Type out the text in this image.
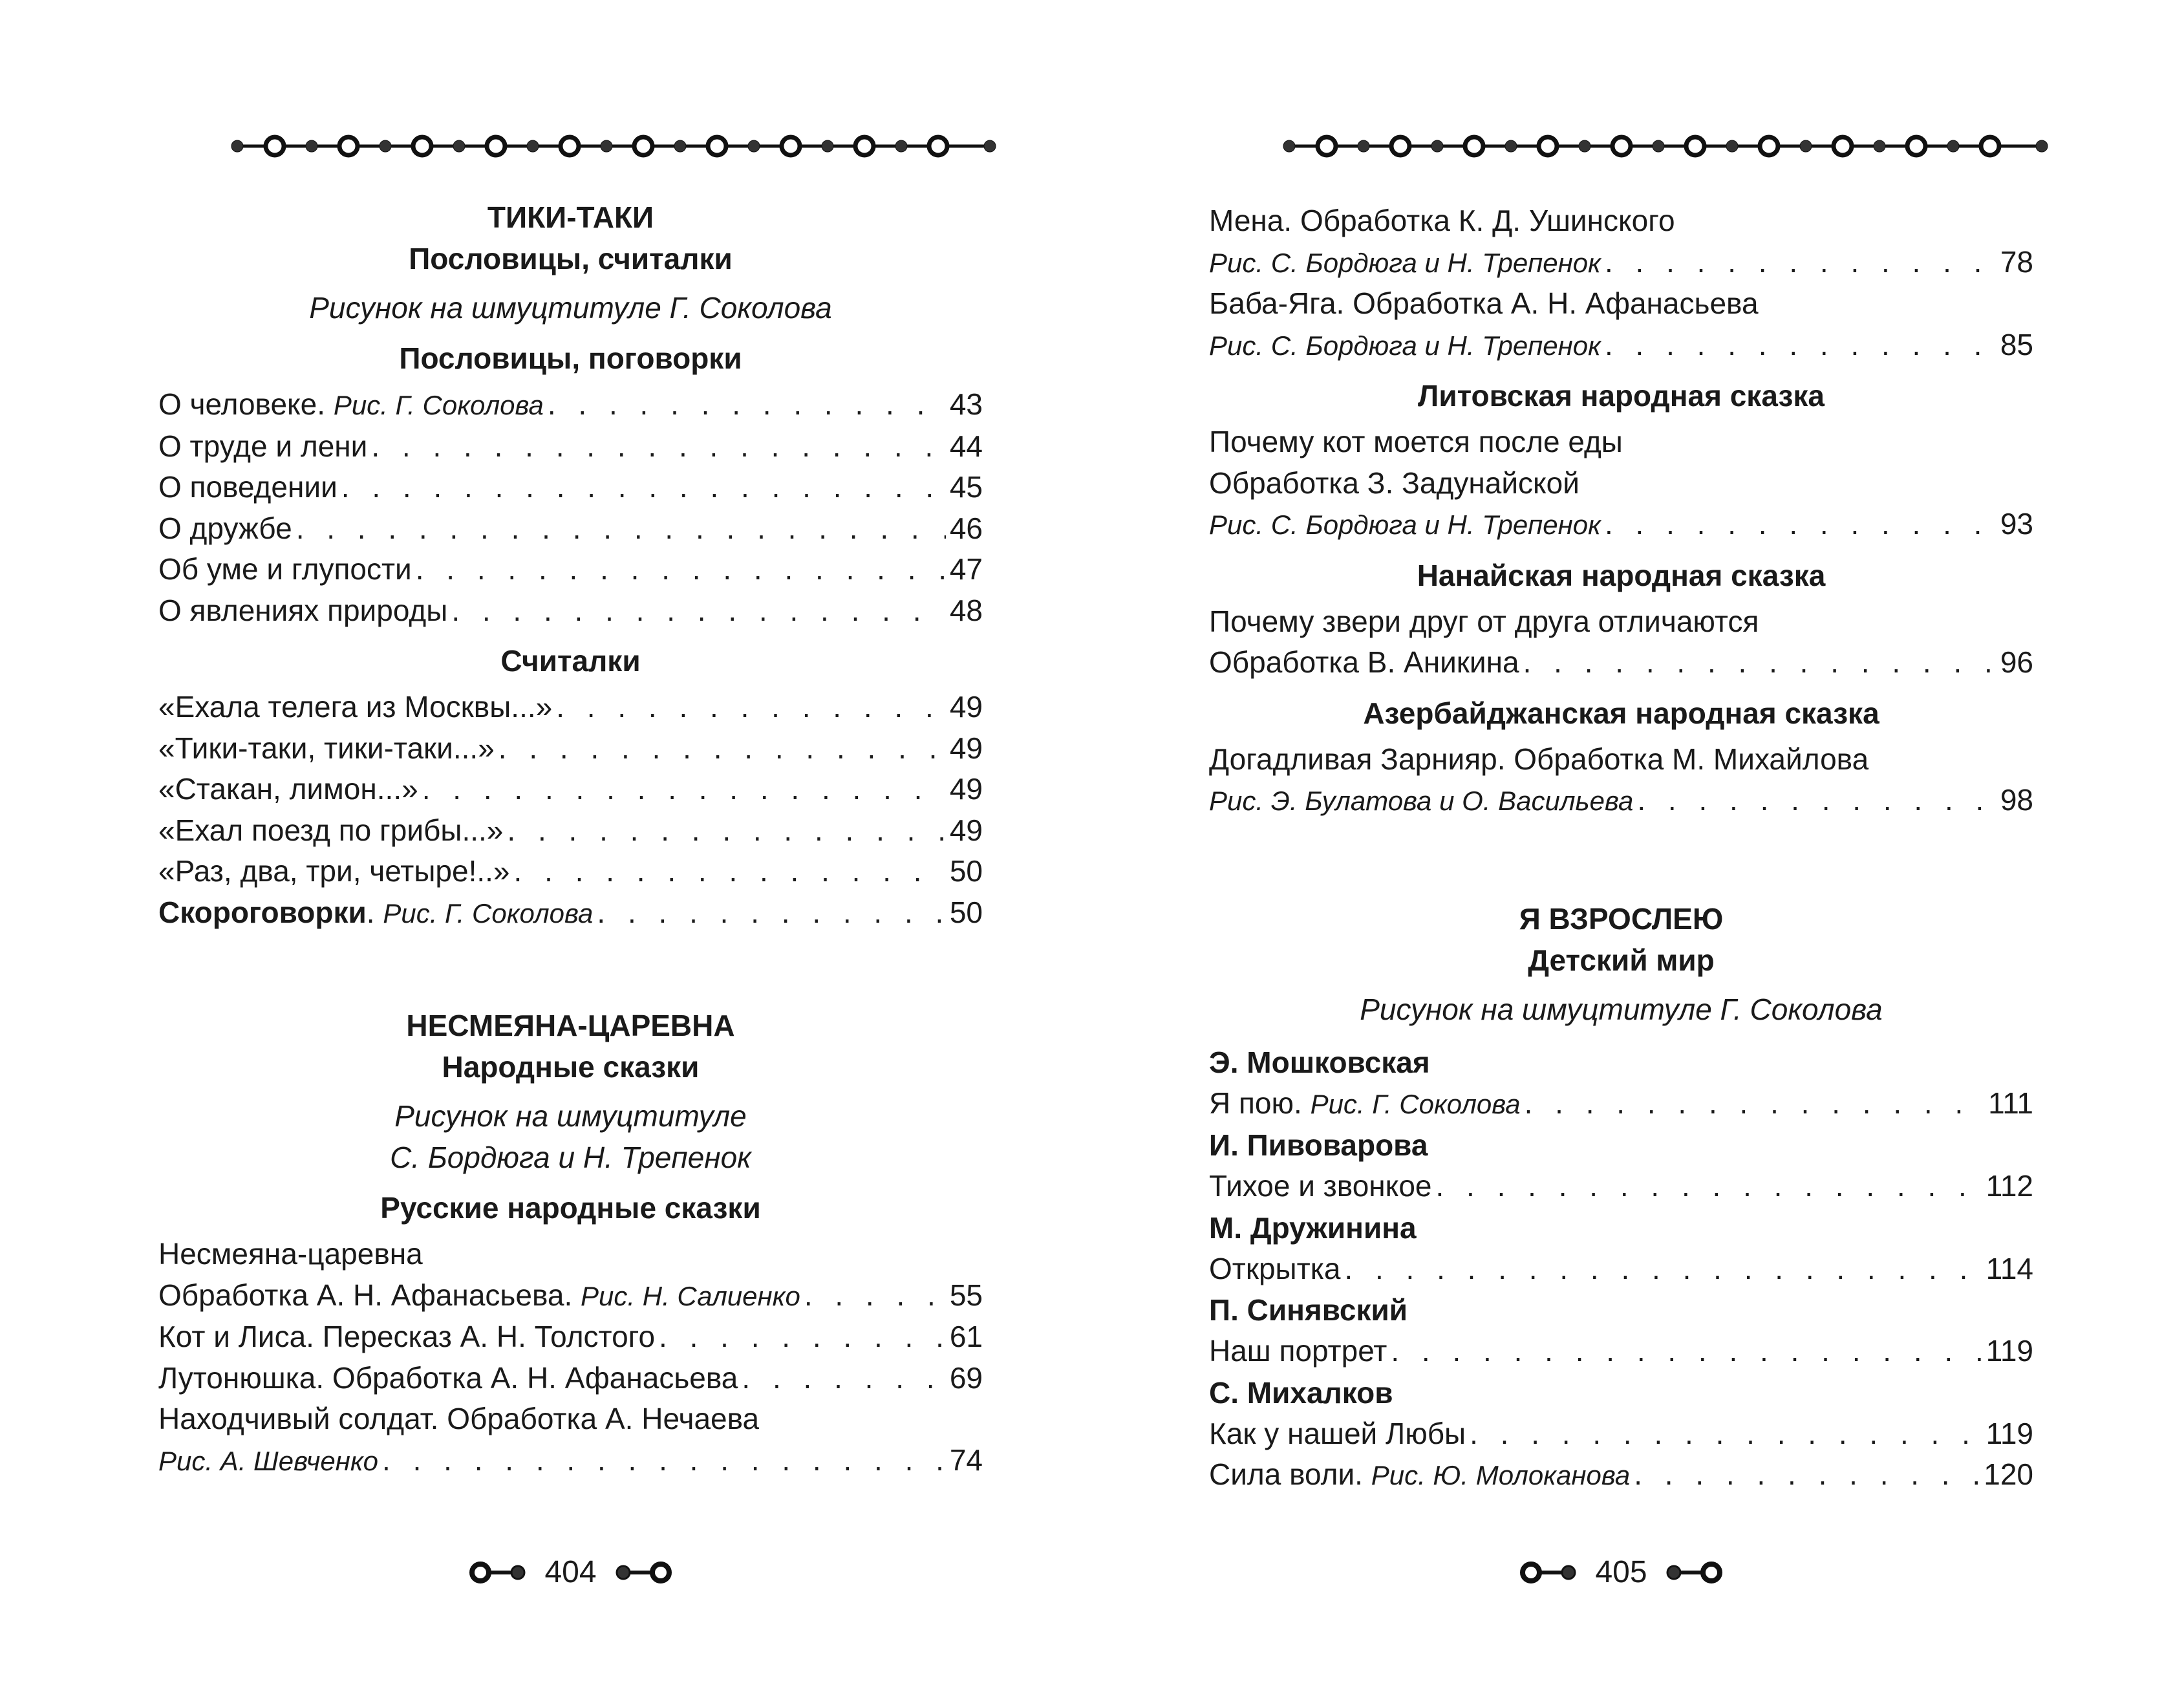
ТИКИ-ТАКИ
Пословицы, считалки
Рисунок на шмуцтитуле Г. Соколова
Пословицы, поговорки
О человеке. Рис. Г. Соколова . . .	43
О труде и лени . . .	44
О поведении . . .	45
О дружбе . . .	46
Об уме и глупости . . .	47
О явлениях природы . . .	48
Считалки
«Ехала телега из Москвы...» . . .	49
«Тики-таки, тики-таки...» . . .	49
«Стакан, лимон...» . . .	49
«Ехал поезд по грибы...» . . .	49
«Раз, два, три, четыре!..» . . .	50
Скороговорки. Рис. Г. Соколова . . .	50
НЕСМЕЯНА-ЦАРЕВНА
Народные сказки
Рисунок на шмуцтитуле
С. Бордюга и Н. Трепенок
Русские народные сказки
Несмеяна-царевна
Обработка А. Н. Афанасьева. Рис. Н. Салиенко . . .	55
Кот и Лиса. Пересказ А. Н. Толстого . . .	61
Лутонюшка. Обработка А. Н. Афанасьева . . .	69
Находчивый солдат. Обработка А. Нечаева
Рис. А. Шевченко . . .	74
404
Мена. Обработка К. Д. Ушинского
Рис. С. Бордюга и Н. Трепенок . . .	78
Баба-Яга. Обработка А. Н. Афанасьева
Рис. С. Бордюга и Н. Трепенок . . .	85
Литовская народная сказка
Почему кот моется после еды
Обработка З. Задунайской
Рис. С. Бордюга и Н. Трепенок . . .	93
Нанайская народная сказка
Почему звери друг от друга отличаются
Обработка В. Аникина . . .	96
Азербайджанская народная сказка
Догадливая Зарнияр. Обработка М. Михайлова
Рис. Э. Булатова и О. Васильева . . .	98
Я ВЗРОСЛЕЮ
Детский мир
Рисунок на шмуцтитуле Г. Соколова
Э. Мошковская
Я пою. Рис. Г. Соколова . . .	111
И. Пивоварова
Тихое и звонкое . . .	112
М. Дружинина
Открытка . . .	114
П. Синявский
Наш портрет . . .	119
С. Михалков
Как у нашей Любы . . .	119
Сила воли. Рис. Ю. Молоканова . . .	120
405
